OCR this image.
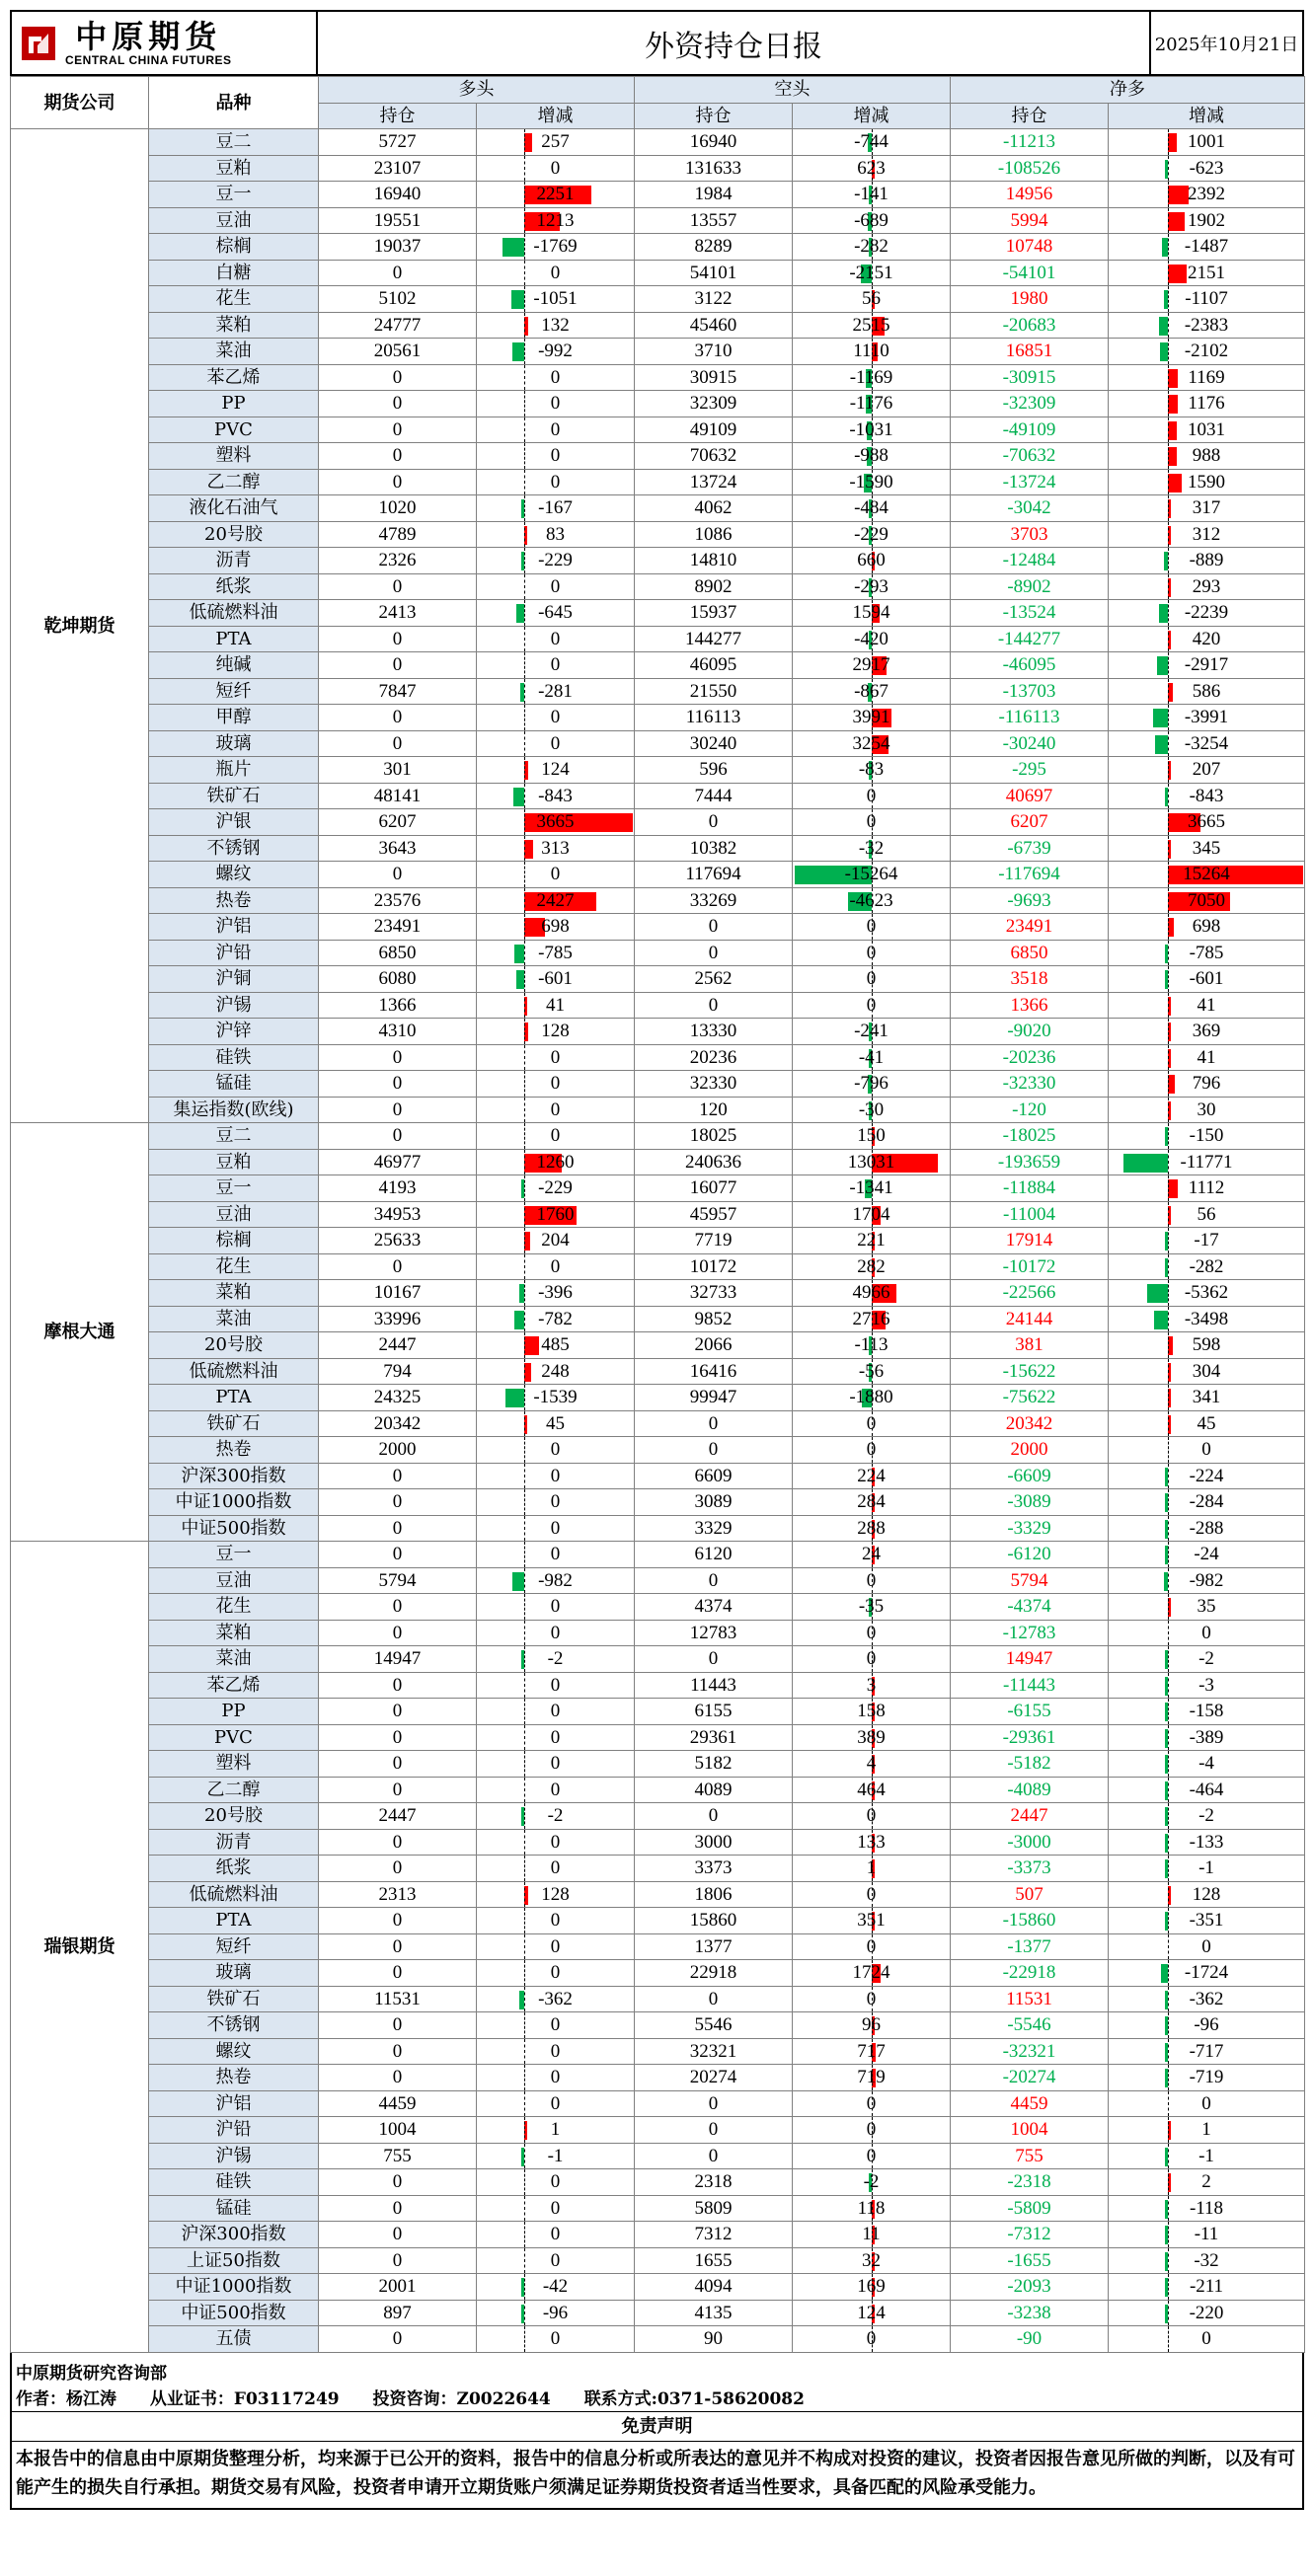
中原期货
CENTRAL CHINA FUTURES	外资持仓日报	2025年10月21日
期货公司	品种	多头		空头		净多	
		持仓	增减	持仓	增减	持仓	增减
乾坤期货	豆二	5727	257	16940	-744	-11213	1001
	豆粕	23107	0	131633	623	-108526	-623
	豆一	16940	2251	1984	-141	14956	2392
	豆油	19551	1213	13557	-689	5994	1902
	棕榈	19037	-1769	8289	-282	10748	-1487
	白糖	0	0	54101	-2151	-54101	2151
	花生	5102	-1051	3122	56	1980	-1107
	菜粕	24777	132	45460	2515	-20683	-2383
	菜油	20561	-992	3710	1110	16851	-2102
	苯乙烯	0	0	30915	-1169	-30915	1169
	PP	0	0	32309	-1176	-32309	1176
	PVC	0	0	49109	-1031	-49109	1031
	塑料	0	0	70632	-988	-70632	988
	乙二醇	0	0	13724	-1590	-13724	1590
	液化石油气	1020	-167	4062	-484	-3042	317
	20号胶	4789	83	1086	-229	3703	312
	沥青	2326	-229	14810	660	-12484	-889
	纸浆	0	0	8902	-293	-8902	293
	低硫燃料油	2413	-645	15937	1594	-13524	-2239
	PTA	0	0	144277	-420	-144277	420
	纯碱	0	0	46095	2917	-46095	-2917
	短纤	7847	-281	21550	-867	-13703	586
	甲醇	0	0	116113	3991	-116113	-3991
	玻璃	0	0	30240	3254	-30240	-3254
	瓶片	301	124	596	-83	-295	207
	铁矿石	48141	-843	7444	0	40697	-843
	沪银	6207	3665	0	0	6207	3665
	不锈钢	3643	313	10382	-32	-6739	345
	螺纹	0	0	117694	-15264	-117694	15264
	热卷	23576	2427	33269	-4623	-9693	7050
	沪铝	23491	698	0	0	23491	698
	沪铅	6850	-785	0	0	6850	-785
	沪铜	6080	-601	2562	0	3518	-601
	沪锡	1366	41	0	0	1366	41
	沪锌	4310	128	13330	-241	-9020	369
	硅铁	0	0	20236	-41	-20236	41
	锰硅	0	0	32330	-796	-32330	796
	集运指数(欧线)	0	0	120	-30	-120	30
摩根大通	豆二	0	0	18025	150	-18025	-150
	豆粕	46977	1260	240636	13031	-193659	-11771
	豆一	4193	-229	16077	-1341	-11884	1112
	豆油	34953	1760	45957	1704	-11004	56
	棕榈	25633	204	7719	221	17914	-17
	花生	0	0	10172	282	-10172	-282
	菜粕	10167	-396	32733	4966	-22566	-5362
	菜油	33996	-782	9852	2716	24144	-3498
	20号胶	2447	485	2066	-113	381	598
	低硫燃料油	794	248	16416	-56	-15622	304
	PTA	24325	-1539	99947	-1880	-75622	341
	铁矿石	20342	45	0	0	20342	45
	热卷	2000	0	0	0	2000	0
	沪深300指数	0	0	6609	224	-6609	-224
	中证1000指数	0	0	3089	284	-3089	-284
	中证500指数	0	0	3329	288	-3329	-288
瑞银期货	豆一	0	0	6120	24	-6120	-24
	豆油	5794	-982	0	0	5794	-982
	花生	0	0	4374	-35	-4374	35
	菜粕	0	0	12783	0	-12783	0
	菜油	14947	-2	0	0	14947	-2
	苯乙烯	0	0	11443	3	-11443	-3
	PP	0	0	6155	158	-6155	-158
	PVC	0	0	29361	389	-29361	-389
	塑料	0	0	5182	4	-5182	-4
	乙二醇	0	0	4089	464	-4089	-464
	20号胶	2447	-2	0	0	2447	-2
	沥青	0	0	3000	133	-3000	-133
	纸浆	0	0	3373	1	-3373	-1
	低硫燃料油	2313	128	1806	0	507	128
	PTA	0	0	15860	351	-15860	-351
	短纤	0	0	1377	0	-1377	0
	玻璃	0	0	22918	1724	-22918	-1724
	铁矿石	11531	-362	0	0	11531	-362
	不锈钢	0	0	5546	96	-5546	-96
	螺纹	0	0	32321	717	-32321	-717
	热卷	0	0	20274	719	-20274	-719
	沪铝	4459	0	0	0	4459	0
	沪铅	1004	1	0	0	1004	1
	沪锡	755	-1	0	0	755	-1
	硅铁	0	0	2318	-2	-2318	2
	锰硅	0	0	5809	118	-5809	-118
	沪深300指数	0	0	7312	11	-7312	-11
	上证50指数	0	0	1655	32	-1655	-32
	中证1000指数	2001	-42	4094	169	-2093	-211
	中证500指数	897	-96	4135	124	-3238	-220
	五债	0	0	90	0	-90	0
中原期货研究咨询部
作者：杨江涛 从业证书：F03117249 投资咨询：Z0022644 联系方式:0371-58620082
免责声明
本报告中的信息由中原期货整理分析，均来源于已公开的资料，报告中的信息分析或所表达的意见并不构成对投资的建议，投资者因报告意见所做的判断，以及有可能产生的损失自行承担。期货交易有风险，投资者申请开立期货账户须满足证券期货投资者适当性要求，具备匹配的风险承受能力。
